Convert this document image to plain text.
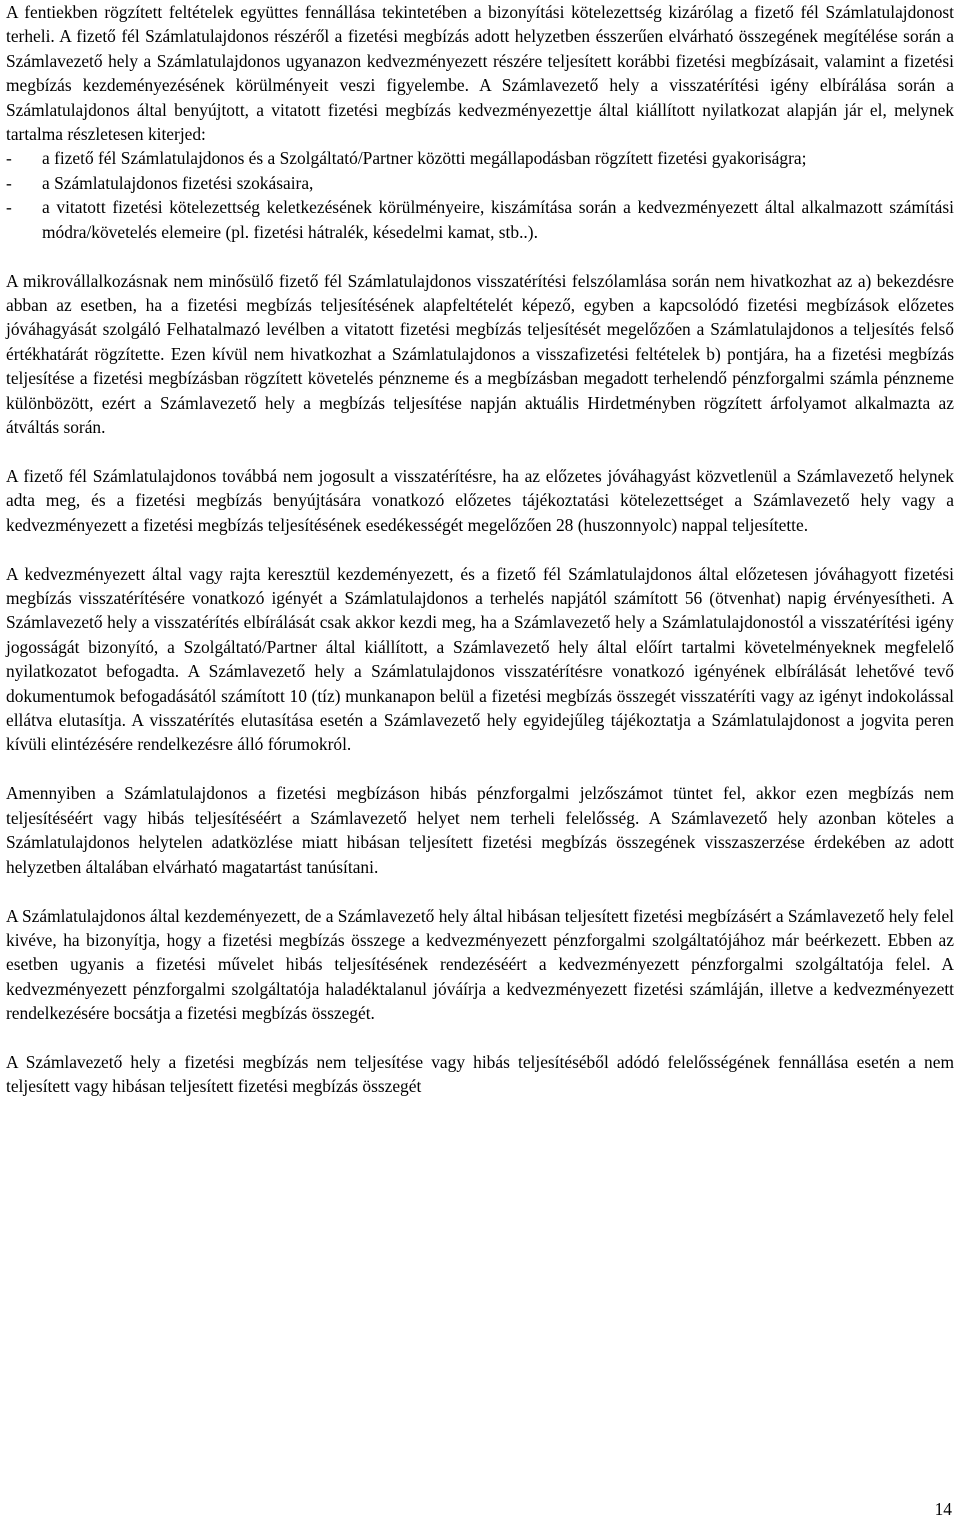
A fentiekben rögzített feltételek együttes fennállása tekintetében a bizonyítási kötelezettség kizárólag a fizető fél Számlatulajdonost terheli. A fizető fél Számlatulajdonos részéről a fizetési megbízás adott helyzetben ésszerűen elvárható összegének megítélése során a Számlavezető hely a Számlatulajdonos ugyanazon kedvezményezett részére teljesített korábbi fizetési megbízásait, valamint a fizetési megbízás kezdeményezésének körülményeit veszi figyelembe. A Számlavezető hely a visszatérítési igény elbírálása során a Számlatulajdonos által benyújtott, a vitatott fizetési megbízás kedvezményezettje által kiállított nyilatkozat alapján jár el, melynek tartalma részletesen kiterjed:

- a fizető fél Számlatulajdonos és a Szolgáltató/Partner közötti megállapodásban rögzített fizetési gyakoriságra;
- a Számlatulajdonos fizetési szokásaira,
- a vitatott fizetési kötelezettség keletkezésének körülményeire, kiszámítása során a kedvezményezett által alkalmazott számítási módra/követelés elemeire (pl. fizetési hátralék, késedelmi kamat, stb..).

A mikrovállalkozásnak nem minősülő fizető fél Számlatulajdonos visszatérítési felszólamlása során nem hivatkozhat az a) bekezdésre abban az esetben, ha a fizetési megbízás teljesítésének alapfeltételét képező, egyben a kapcsolódó fizetési megbízások előzetes jóváhagyását szolgáló Felhatalmazó levélben a vitatott fizetési megbízás teljesítését megelőzően a Számlatulajdonos a teljesítés felső értékhatárát rögzítette. Ezen kívül nem hivatkozhat a Számlatulajdonos a visszafizetési feltételek b) pontjára, ha a fizetési megbízás teljesítése a fizetési megbízásban rögzített követelés pénzneme és a megbízásban megadott terhelendő pénzforgalmi számla pénzneme különbözött, ezért a Számlavezető hely a megbízás teljesítése napján aktuális Hirdetményben rögzített árfolyamot alkalmazta az átváltás során.

A fizető fél Számlatulajdonos továbbá nem jogosult a visszatérítésre, ha az előzetes jóváhagyást közvetlenül a Számlavezető helynek adta meg, és a fizetési megbízás benyújtására vonatkozó előzetes tájékoztatási kötelezettséget a Számlavezető hely vagy a kedvezményezett a fizetési megbízás teljesítésének esedékességét megelőzően 28 (huszonnyolc) nappal teljesítette.

A kedvezményezett által vagy rajta keresztül kezdeményezett, és a fizető fél Számlatulajdonos által előzetesen jóváhagyott fizetési megbízás visszatérítésére vonatkozó igényét a Számlatulajdonos a terhelés napjától számított 56 (ötvenhat) napig érvényesítheti. A Számlavezető hely a visszatérítés elbírálását csak akkor kezdi meg, ha a Számlavezető hely a Számlatulajdonostól a visszatérítési igény jogosságát bizonyító, a Szolgáltató/Partner által kiállított, a Számlavezető hely által előírt tartalmi követelményeknek megfelelő nyilatkozatot befogadta. A Számlavezető hely a Számlatulajdonos visszatérítésre vonatkozó igényének elbírálását lehetővé tevő dokumentumok befogadásától számított 10 (tíz) munkanapon belül a fizetési megbízás összegét visszatéríti vagy az igényt indokolással ellátva elutasítja. A visszatérítés elutasítása esetén a Számlavezető hely egyidejűleg tájékoztatja a Számlatulajdonost a jogvita peren kívüli elintézésére rendelkezésre álló fórumokról.

Amennyiben a Számlatulajdonos a fizetési megbízáson hibás pénzforgalmi jelzőszámot tüntet fel, akkor ezen megbízás nem teljesítéséért vagy hibás teljesítéséért a Számlavezető helyet nem terheli felelősség. A Számlavezető hely azonban köteles a Számlatulajdonos helytelen adatközlése miatt hibásan teljesített fizetési megbízás összegének visszaszerzése érdekében az adott helyzetben általában elvárható magatartást tanúsítani.

A Számlatulajdonos által kezdeményezett, de a Számlavezető hely által hibásan teljesített fizetési megbízásért a Számlavezető hely felel kivéve, ha bizonyítja, hogy a fizetési megbízás összege a kedvezményezett pénzforgalmi szolgáltatójához már beérkezett. Ebben az esetben ugyanis a fizetési művelet hibás teljesítésének rendezéséért a kedvezményezett pénzforgalmi szolgáltatója felel. A kedvezményezett pénzforgalmi szolgáltatója haladéktalanul jóváírja a kedvezményezett fizetési számláján, illetve a kedvezményezett rendelkezésére bocsátja a fizetési megbízás összegét.

A Számlavezető hely a fizetési megbízás nem teljesítése vagy hibás teljesítéséből adódó felelősségének fennállása esetén a nem teljesített vagy hibásan teljesített fizetési megbízás összegét

14
